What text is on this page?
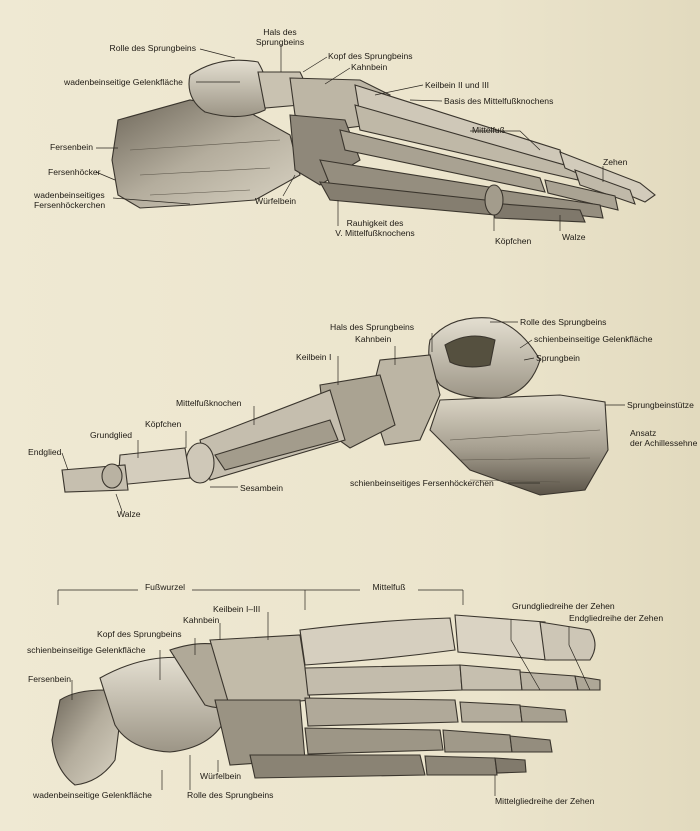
Rolle des Sprungbeins
Hals des
Sprungbeins
Kopf des Sprungbeins
Kahnbein
wadenbeinseitige Gelenkfläche	Keilbein II und III
Basis des Mittelfußknochens
Fersenbein
Mittelfuß
Fersenhöcker
Zehen
wadenbeinseitiges
Fersenhöckerchen	Würfelbein
Rauhigkeit des
V. Mittelfußknochens
Köpfchen	Walze
Rolle des Sprungbeins
Hals des Sprungbeins
schienbeinseitige Gelenkfläche
Kahnbein
Keilbein I	Sprungbein
Mittelfußknochen	Sprungbeinstütze
Köpfchen
Grundglied	Ansatz
der Achillessehne
Endglied
schienbeinseitiges Fersenhöckerchen
Sesambein
Walze
Fußwurzel	Mittelfuß
Grundgliedreihe der Zehen
Keilbein I–III
Endgliedreihe der Zehen
Kahnbein
Kopf des Sprungbeins
schienbeinseitige Gelenkfläche
Fersenbein
Würfelbein
wadenbeinseitige Gelenkfläche	Rolle des Sprungbeins
Mittelgliedreihe der Zehen
